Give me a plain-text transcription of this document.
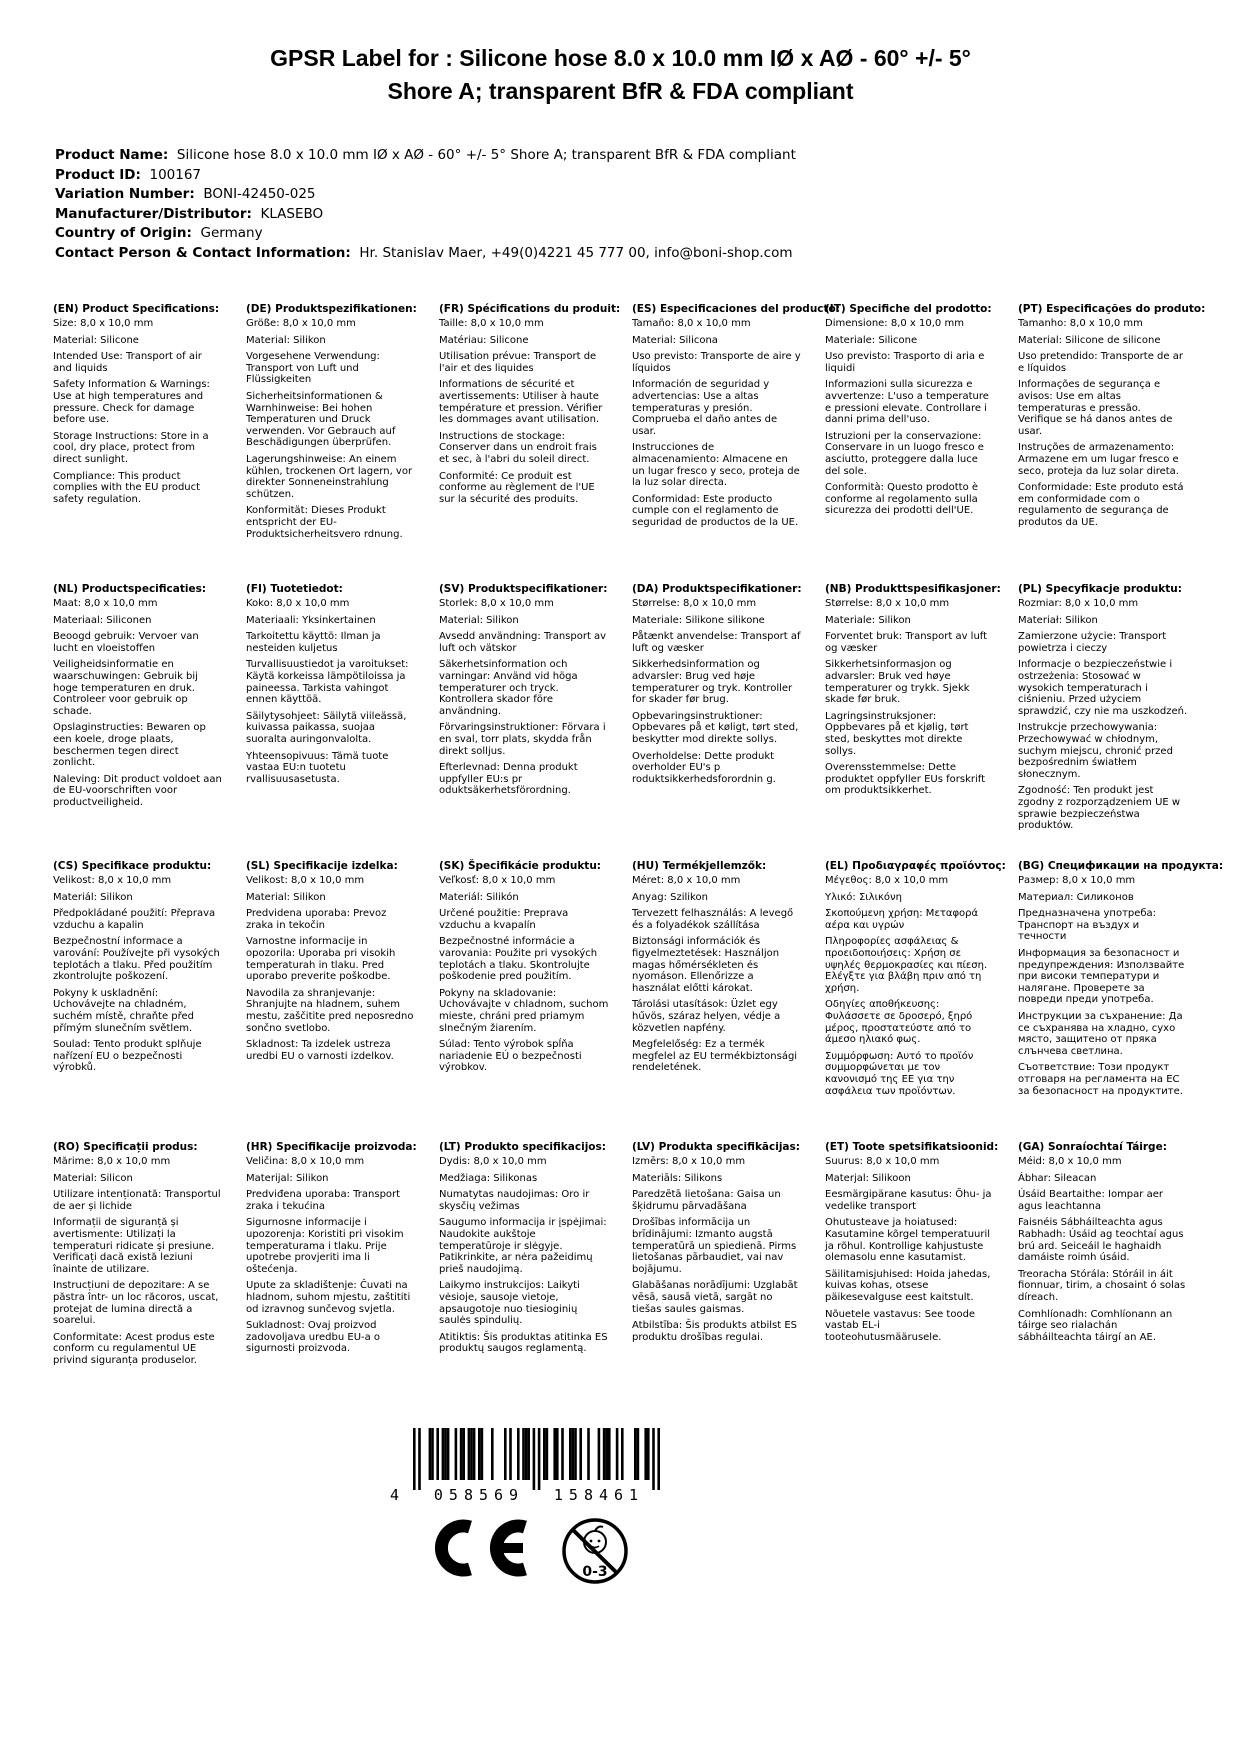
GPSR Label for : Silicone hose 8.0 x 10.0 mm IØ x AØ - 60° +/- 5°
Shore A; transparent BfR & FDA compliant
Product Name: Silicone hose 8.0 x 10.0 mm IØ x AØ - 60° +/- 5° Shore A; transparent BfR & FDA compliant
Product ID: 100167
Variation Number: BONI-42450-025
Manufacturer/Distributor: KLASEBO
Country of Origin: Germany
Contact Person & Contact Information: Hr. Stanislav Maer, +49(0)4221 45 777 00, info@boni-shop.com
(EN) Product Specifications:

Size: 8,0 x 10,0 mm

Material: Silicone

Intended Use: Transport of air and liquids

Safety Information & Warnings: Use at high temperatures and pressure. Check for damage before use.

Storage Instructions: Store in a cool, dry place, protect from direct sunlight.

Compliance: This product complies with the EU product safety regulation.

(DE) Produktspezifikationen:

Größe: 8,0 x 10,0 mm

Material: Silikon

Vorgesehene Verwendung: Transport von Luft und Flüssigkeiten

Sicherheitsinformationen & Warnhinweise: Bei hohen Temperaturen und Druck verwenden. Vor Gebrauch auf Beschädigungen überprüfen.

Lagerungshinweise: An einem kühlen, trockenen Ort lagern, vor direkter Sonneneinstrahlung schützen.

Konformität: Dieses Produkt entspricht der EU-Produktsicherheitsvero rdnung.

(FR) Spécifications du produit:

Taille: 8,0 x 10,0 mm

Matériau: Silicone

Utilisation prévue: Transport de l'air et des liquides

Informations de sécurité et avertissements: Utiliser à haute température et pression. Vérifier les dommages avant utilisation.

Instructions de stockage: Conserver dans un endroit frais et sec, à l'abri du soleil direct.

Conformité: Ce produit est conforme au règlement de l'UE sur la sécurité des produits.

(ES) Especificaciones del producto:

Tamaño: 8,0 x 10,0 mm

Material: Silicona

Uso previsto: Transporte de aire y líquidos

Información de seguridad y advertencias: Use a altas temperaturas y presión. Comprueba el daño antes de usar.

Instrucciones de almacenamiento: Almacene en un lugar fresco y seco, proteja de la luz solar directa.

Conformidad: Este producto cumple con el reglamento de seguridad de productos de la UE.

(IT) Specifiche del prodotto:

Dimensione: 8,0 x 10,0 mm

Materiale: Silicone

Uso previsto: Trasporto di aria e liquidi

Informazioni sulla sicurezza e avvertenze: L'uso a temperature e pressioni elevate. Controllare i danni prima dell'uso.

Istruzioni per la conservazione: Conservare in un luogo fresco e asciutto, proteggere dalla luce del sole.

Conformità: Questo prodotto è conforme al regolamento sulla sicurezza dei prodotti dell'UE.

(PT) Especificações do produto:

Tamanho: 8,0 x 10,0 mm

Material: Silicone de silicone

Uso pretendido: Transporte de ar e líquidos

Informações de segurança e avisos: Use em altas temperaturas e pressão. Verifique se há danos antes de usar.

Instruções de armazenamento: Armazene em um lugar fresco e seco, proteja da luz solar direta.

Conformidade: Este produto está em conformidade com o regulamento de segurança de produtos da UE.

(NL) Productspecificaties:

Maat: 8,0 x 10,0 mm

Materiaal: Siliconen

Beoogd gebruik: Vervoer van lucht en vloeistoffen

Veiligheidsinformatie en waarschuwingen: Gebruik bij hoge temperaturen en druk. Controleer voor gebruik op schade.

Opslaginstructies: Bewaren op een koele, droge plaats, beschermen tegen direct zonlicht.

Naleving: Dit product voldoet aan de EU-voorschriften voor productveiligheid.

(FI) Tuotetiedot:

Koko: 8,0 x 10,0 mm

Materiaali: Yksinkertainen

Tarkoitettu käyttö: Ilman ja nesteiden kuljetus

Turvallisuustiedot ja varoitukset: Käytä korkeissa lämpötiloissa ja paineessa. Tarkista vahingot ennen käyttöä.

Säilytysohjeet: Säilytä viileässä, kuivassa paikassa, suojaa suoralta auringonvalolta.

Yhteensopivuus: Tämä tuote vastaa EU:n tuotetu rvallisuusasetusta.

(SV) Produktspecifikationer:

Storlek: 8,0 x 10,0 mm

Material: Silikon

Avsedd användning: Transport av luft och vätskor

Säkerhetsinformation och varningar: Använd vid höga temperaturer och tryck. Kontrollera skador före användning.

Förvaringsinstruktioner: Förvara i en sval, torr plats, skydda från direkt solljus.

Efterlevnad: Denna produkt uppfyller EU:s pr oduktsäkerhetsförordning.

(DA) Produktspecifikationer:

Størrelse: 8,0 x 10,0 mm

Materiale: Silikone silikone

Påtænkt anvendelse: Transport af luft og væsker

Sikkerhedsinformation og advarsler: Brug ved høje temperaturer og tryk. Kontroller for skader før brug.

Opbevaringsinstruktioner: Opbevares på et køligt, tørt sted, beskytter mod direkte sollys.

Overholdelse: Dette produkt overholder EU's p roduktsikkerhedsforordnin g.

(NB) Produkttspesifikasjoner:

Størrelse: 8,0 x 10,0 mm

Materiale: Silikon

Forventet bruk: Transport av luft og væsker

Sikkerhetsinformasjon og advarsler: Bruk ved høye temperaturer og trykk. Sjekk skade før bruk.

Lagringsinstruksjoner: Oppbevares på et kjølig, tørt sted, beskyttes mot direkte sollys.

Overensstemmelse: Dette produktet oppfyller EUs forskrift om produktsikkerhet.

(PL) Specyfikacje produktu:

Rozmiar: 8,0 x 10,0 mm

Materiał: Silikon

Zamierzone użycie: Transport powietrza i cieczy

Informacje o bezpieczeństwie i ostrzeżenia: Stosować w wysokich temperaturach i ciśnieniu. Przed użyciem sprawdzić, czy nie ma uszkodzeń.

Instrukcje przechowywania: Przechowywać w chłodnym, suchym miejscu, chronić przed bezpośrednim światłem słonecznym.

Zgodność: Ten produkt jest zgodny z rozporządzeniem UE w sprawie bezpieczeństwa produktów.

(CS) Specifikace produktu:

Velikost: 8,0 x 10,0 mm

Materiál: Silikon

Předpokládané použití: Přeprava vzduchu a kapalin

Bezpečnostní informace a varování: Používejte při vysokých teplotách a tlaku. Před použitím zkontrolujte poškození.

Pokyny k uskladnění: Uchovávejte na chladném, suchém místě, chraňte před přímým slunečním světlem.

Soulad: Tento produkt splňuje nařízení EU o bezpečnosti výrobků.

(SL) Specifikacije izdelka:

Velikost: 8,0 x 10,0 mm

Material: Silikon

Predvidena uporaba: Prevoz zraka in tekočin

Varnostne informacije in opozorila: Uporaba pri visokih temperaturah in tlaku. Pred uporabo preverite poškodbe.

Navodila za shranjevanje: Shranjujte na hladnem, suhem mestu, zaščitite pred neposredno sončno svetlobo.

Skladnost: Ta izdelek ustreza uredbi EU o varnosti izdelkov.

(SK) Špecifikácie produktu:

Veľkosť: 8,0 x 10,0 mm

Materiál: Silikón

Určené použitie: Preprava vzduchu a kvapalín

Bezpečnostné informácie a varovania: Použite pri vysokých teplotách a tlaku. Skontrolujte poškodenie pred použitím.

Pokyny na skladovanie: Uchovávajte v chladnom, suchom mieste, chráni pred priamym slnečným žiarením.

Súlad: Tento výrobok spĺňa nariadenie EÚ o bezpečnosti výrobkov.

(HU) Termékjellemzők:

Méret: 8,0 x 10,0 mm

Anyag: Szilikon

Tervezett felhasználás: A levegő és a folyadékok szállítása

Biztonsági információk és figyelmeztetések: Használjon magas hőmérsékleten és nyomáson. Ellenőrizze a használat előtti károkat.

Tárolási utasítások: Üzlet egy hűvös, száraz helyen, védje a közvetlen napfény.

Megfelelőség: Ez a termék megfelel az EU termékbiztonsági rendeletének.

(EL) Προδιαγραφές προϊόντος:

Μέγεθος: 8,0 x 10,0 mm

Υλικό: Σιλικόνη

Σκοπούμενη χρήση: Μεταφορά αέρα και υγρών

Πληροφορίες ασφάλειας & προειδοποιήσεις: Χρήση σε υψηλές θερμοκρασίες και πίεση. Ελέγξτε για βλάβη πριν από τη χρήση.

Οδηγίες αποθήκευσης: Φυλάσσετε σε δροσερό, ξηρό μέρος, προστατεύστε από το άμεσο ηλιακό φως.

Συμμόρφωση: Αυτό το προϊόν συμμορφώνεται με τον κανονισμό της ΕΕ για την ασφάλεια των προϊόντων.

(BG) Спецификации на продукта:

Размер: 8,0 x 10,0 mm

Материал: Силиконов

Предназначена употреба: Транспорт на въздух и течности

Информация за безопасност и предупреждения: Използвайте при високи температури и налягане. Проверете за повреди преди употреба.

Инструкции за съхранение: Да се съхранява на хладно, сухо място, защитено от пряка слънчева светлина.

Съответствие: Този продукт отговаря на регламента на ЕС за безопасност на продуктите.

(RO) Specificații produs:

Mărime: 8,0 x 10,0 mm

Material: Silicon

Utilizare intenționată: Transportul de aer și lichide

Informații de siguranță și avertismente: Utilizați la temperaturi ridicate și presiune. Verificați dacă există leziuni înainte de utilizare.

Instrucțiuni de depozitare: A se păstra într- un loc răcoros, uscat, protejat de lumina directă a soarelui.

Conformitate: Acest produs este conform cu regulamentul UE privind siguranța produselor.

(HR) Specifikacije proizvoda:

Veličina: 8,0 x 10,0 mm

Materijal: Silikon

Predviđena uporaba: Transport zraka i tekućina

Sigurnosne informacije i upozorenja: Koristiti pri visokim temperaturama i tlaku. Prije upotrebe provjeriti ima li oštećenja.

Upute za skladištenje: Čuvati na hladnom, suhom mjestu, zaštititi od izravnog sunčevog svjetla.

Sukladnost: Ovaj proizvod zadovoljava uredbu EU-a o sigurnosti proizvoda.

(LT) Produkto specifikacijos:

Dydis: 8,0 x 10,0 mm

Medžiaga: Silikonas

Numatytas naudojimas: Oro ir skysčių vežimas

Saugumo informacija ir įspėjimai: Naudokite aukštoje temperatūroje ir slėgyje. Patikrinkite, ar nėra pažeidimų prieš naudojimą.

Laikymo instrukcijos: Laikyti vėsioje, sausoje vietoje, apsaugotoje nuo tiesioginių saulės spindulių.

Atitiktis: Šis produktas atitinka ES produktų saugos reglamentą.

(LV) Produkta specifikācijas:

Izmērs: 8,0 x 10,0 mm

Materiāls: Silikons

Paredzētā lietošana: Gaisa un šķidrumu pārvadāšana

Drošības informācija un brīdinājumi: Izmanto augstā temperatūrā un spiedienā. Pirms lietošanas pārbaudiet, vai nav bojājumu.

Glabāšanas norādījumi: Uzglabāt vēsā, sausā vietā, sargāt no tiešas saules gaismas.

Atbilstība: Šis produkts atbilst ES produktu drošības regulai.

(ET) Toote spetsifikatsioonid:

Suurus: 8,0 x 10,0 mm

Materjal: Silikoon

Eesmärgipärane kasutus: Õhu- ja vedelike transport

Ohutusteave ja hoiatused: Kasutamine kõrgel temperatuuril ja rõhul. Kontrollige kahjustuste olemasolu enne kasutamist.

Säilitamisjuhised: Hoida jahedas, kuivas kohas, otsese päikesevalguse eest kaitstult.

Nõuetele vastavus: See toode vastab EL-i tooteohutusmäärusele.

(GA) Sonraíochtaí Táirge:

Méid: 8,0 x 10,0 mm

Ábhar: Sileacan

Úsáid Beartaithe: Iompar aer agus leachtanna

Faisnéis Sábháilteachta agus Rabhadh: Úsáid ag teochtaí agus brú ard. Seiceáil le haghaidh damáiste roimh úsáid.

Treoracha Stórála: Stóráil in áit fionnuar, tirim, a chosaint ó solas díreach.

Comhlíonadh: Comhlíonann an táirge seo rialachán sábháilteachta táirgí an AE.

4	058569	158461
0-3
